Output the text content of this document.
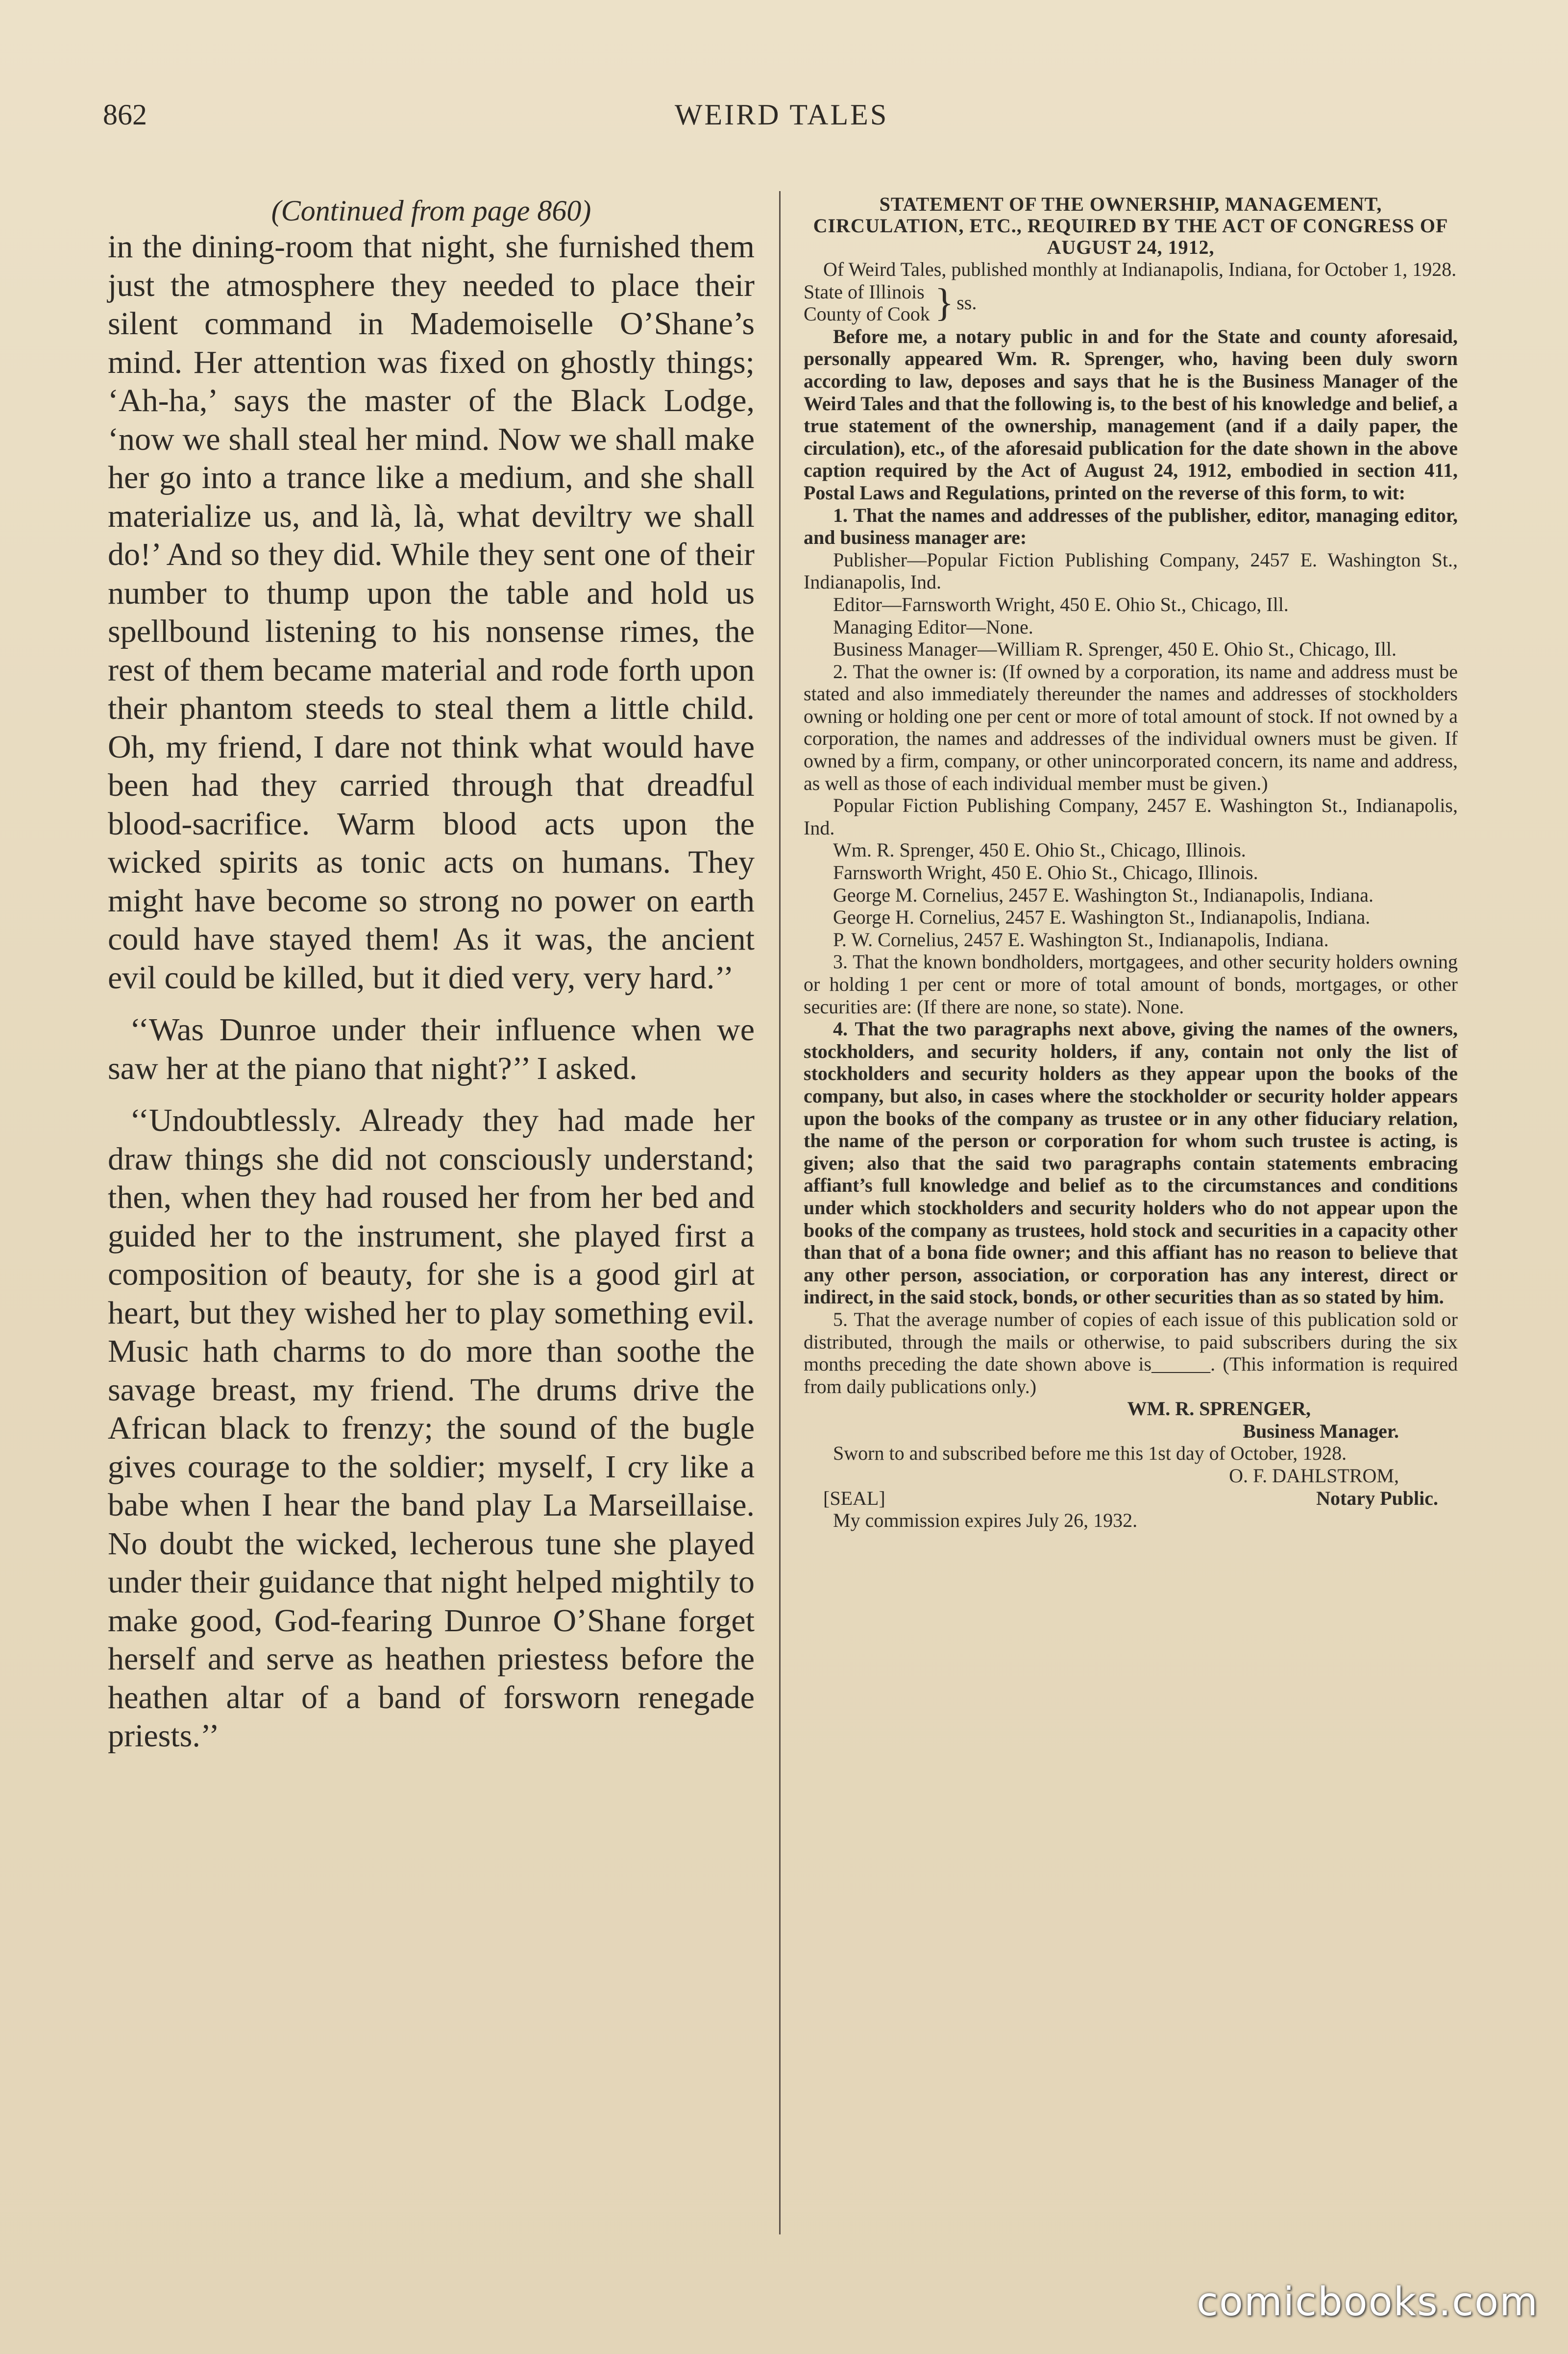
862	WEIRD TALES

(Continued from page 860)

in the dining-room that night, she furnished them just the atmosphere they needed to place their silent command in Mademoiselle O’Shane’s mind. Her attention was fixed on ghostly things; ‘Ah-ha,’ says the master of the Black Lodge, ‘now we shall steal her mind. Now we shall make her go into a trance like a medium, and she shall materialize us, and là, là, what deviltry we shall do!’ And so they did. While they sent one of their number to thump upon the table and hold us spellbound listening to his nonsense rimes, the rest of them became material and rode forth upon their phantom steeds to steal them a little child. Oh, my friend, I dare not think what would have been had they carried through that dreadful blood-sacrifice. Warm blood acts upon the wicked spirits as tonic acts on humans. They might have become so strong no power on earth could have stayed them! As it was, the ancient evil could be killed, but it died very, very hard.’’

‘‘Was Dunroe under their influence when we saw her at the piano that night?’’ I asked.

‘‘Undoubtlessly. Already they had made her draw things she did not consciously understand; then, when they had roused her from her bed and guided her to the instrument, she played first a composition of beauty, for she is a good girl at heart, but they wished her to play something evil. Music hath charms to do more than soothe the savage breast, my friend. The drums drive the African black to frenzy; the sound of the bugle gives courage to the soldier; myself, I cry like a babe when I hear the band play La Marseillaise. No doubt the wicked, lecherous tune she played under their guidance that night helped mightily to make good, God-fearing Dunroe O’Shane forget herself and serve as heathen priestess before the heathen altar of a band of forsworn renegade priests.’’

STATEMENT OF THE OWNERSHIP, MANAGEMENT, CIRCULATION, ETC., REQUIRED BY THE ACT OF CONGRESS OF AUGUST 24, 1912,

Of Weird Tales, published monthly at Indianapolis, Indiana, for October 1, 1928.

State of Illinois
County of Cook } ss.

Before me, a notary public in and for the State and county aforesaid, personally appeared Wm. R. Sprenger, who, having been duly sworn according to law, deposes and says that he is the Business Manager of the Weird Tales and that the following is, to the best of his knowledge and belief, a true statement of the ownership, management (and if a daily paper, the circulation), etc., of the aforesaid publication for the date shown in the above caption required by the Act of August 24, 1912, embodied in section 411, Postal Laws and Regulations, printed on the reverse of this form, to wit:

1. That the names and addresses of the publisher, editor, managing editor, and business manager are:

Publisher—Popular Fiction Publishing Company, 2457 E. Washington St., Indianapolis, Ind.

Editor—Farnsworth Wright, 450 E. Ohio St., Chicago, Ill.

Managing Editor—None.

Business Manager—William R. Sprenger, 450 E. Ohio St., Chicago, Ill.

2. That the owner is: (If owned by a corporation, its name and address must be stated and also immediately thereunder the names and addresses of stockholders owning or holding one per cent or more of total amount of stock. If not owned by a corporation, the names and addresses of the individual owners must be given. If owned by a firm, company, or other unincorporated concern, its name and address, as well as those of each individual member must be given.)

Popular Fiction Publishing Company, 2457 E. Washington St., Indianapolis, Ind.

Wm. R. Sprenger, 450 E. Ohio St., Chicago, Illinois.

Farnsworth Wright, 450 E. Ohio St., Chicago, Illinois.

George M. Cornelius, 2457 E. Washington St., Indianapolis, Indiana.

George H. Cornelius, 2457 E. Washington St., Indianapolis, Indiana.

P. W. Cornelius, 2457 E. Washington St., Indianapolis, Indiana.

3. That the known bondholders, mortgagees, and other security holders owning or holding 1 per cent or more of total amount of bonds, mortgages, or other securities are: (If there are none, so state). None.

4. That the two paragraphs next above, giving the names of the owners, stockholders, and security holders, if any, contain not only the list of stockholders and security holders as they appear upon the books of the company, but also, in cases where the stockholder or security holder appears upon the books of the company as trustee or in any other fiduciary relation, the name of the person or corporation for whom such trustee is acting, is given; also that the said two paragraphs contain statements embracing affiant’s full knowledge and belief as to the circumstances and conditions under which stockholders and security holders who do not appear upon the books of the company as trustees, hold stock and securities in a capacity other than that of a bona fide owner; and this affiant has no reason to believe that any other person, association, or corporation has any interest, direct or indirect, in the said stock, bonds, or other securities than as so stated by him.

5. That the average number of copies of each issue of this publication sold or distributed, through the mails or otherwise, to paid subscribers during the six months preceding the date shown above is______. (This information is required from daily publications only.)

WM. R. SPRENGER,

Business Manager.

Sworn to and subscribed before me this 1st day of October, 1928.

O. F. DAHLSTROM,

[SEAL]	Notary Public.

My commission expires July 26, 1932.

comicbooks.com
